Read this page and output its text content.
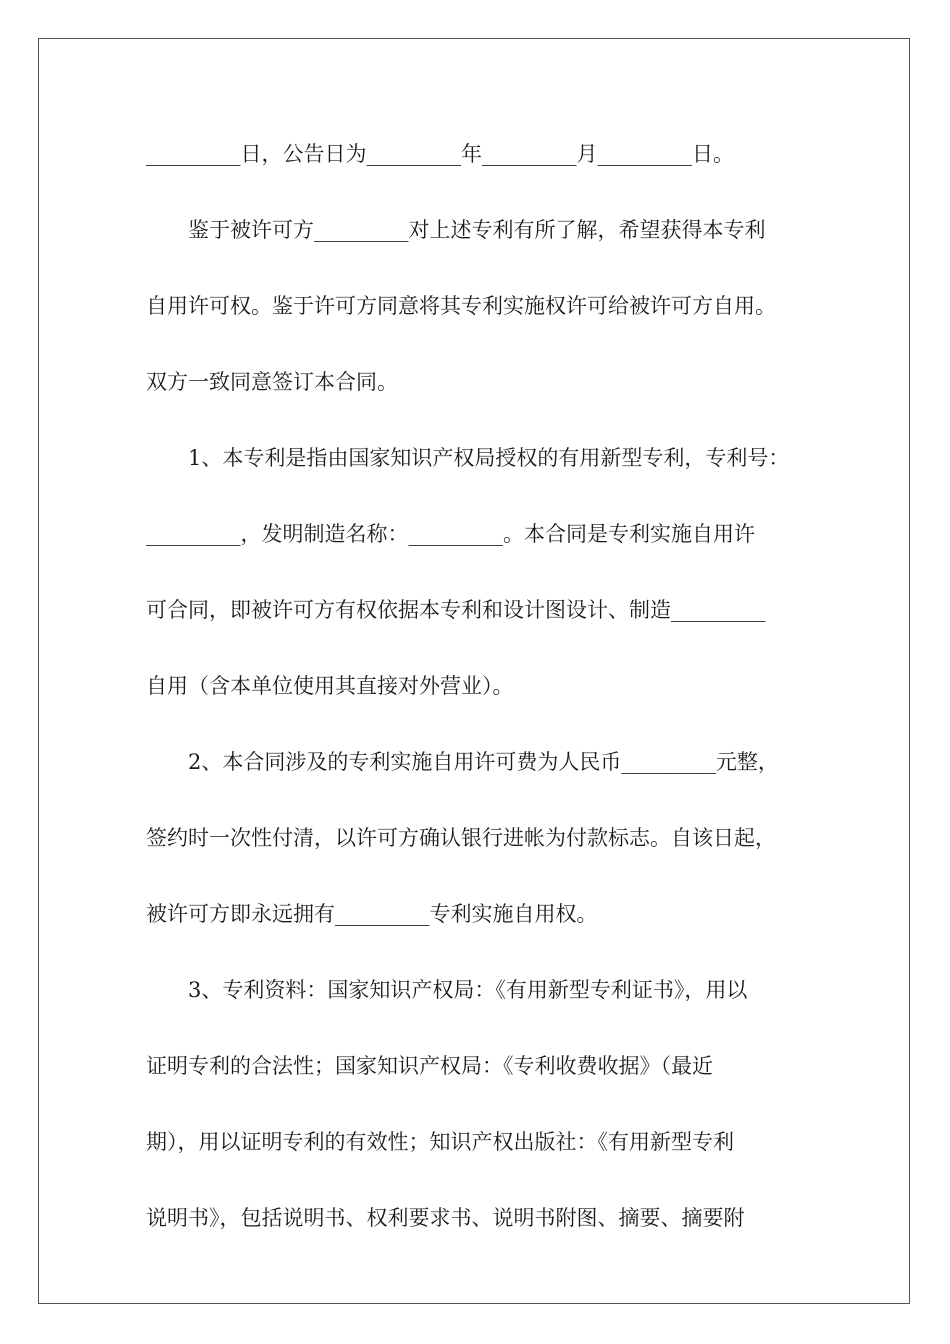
_________日，公告日为_________年_________月_________日。
鉴于被许可方_________对上述专利有所了解，希望获得本专利
自用许可权。鉴于许可方同意将其专利实施权许可给被许可方自用。
双方一致同意签订本合同。
1、本专利是指由国家知识产权局授权的有用新型专利，专利号：
_________，发明制造名称：_________。本合同是专利实施自用许
可合同，即被许可方有权依据本专利和设计图设计、制造_________
自用（含本单位使用其直接对外营业）。
2、本合同涉及的专利实施自用许可费为人民币_________元整，
签约时一次性付清，以许可方确认银行进帐为付款标志。自该日起，
被许可方即永远拥有_________专利实施自用权。
3、专利资料：国家知识产权局：《有用新型专利证书》，用以
证明专利的合法性；国家知识产权局：《专利收费收据》（最近
期），用以证明专利的有效性；知识产权出版社：《有用新型专利
说明书》，包括说明书、权利要求书、说明书附图、摘要、摘要附
